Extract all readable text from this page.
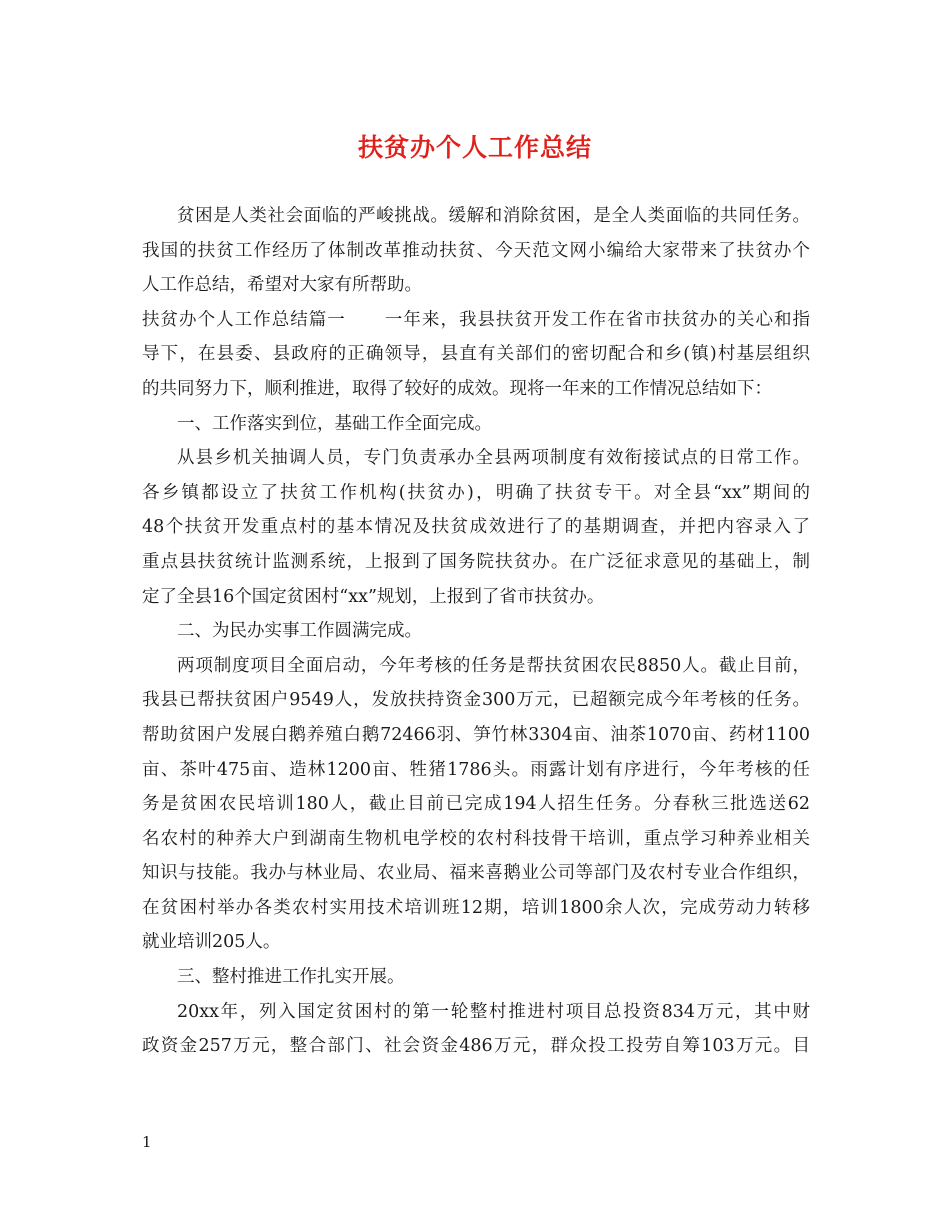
扶贫办个人工作总结
贫困是人类社会面临的严峻挑战。缓解和消除贫困，是全人类面临的共同任务。
我国的扶贫工作经历了体制改革推动扶贫、今天范文网小编给大家带来了扶贫办个
人工作总结，希望对大家有所帮助。
扶贫办个人工作总结篇一 一年来，我县扶贫开发工作在省市扶贫办的关心和指
导下，在县委、县政府的正确领导，县直有关部们的密切配合和乡(镇)村基层组织
的共同努力下，顺利推进，取得了较好的成效。现将一年来的工作情况总结如下：
一、工作落实到位，基础工作全面完成。
从县乡机关抽调人员，专门负责承办全县两项制度有效衔接试点的日常工作。
各乡镇都设立了扶贫工作机构(扶贫办)，明确了扶贫专干。对全县“xx”期间的
48个扶贫开发重点村的基本情况及扶贫成效进行了的基期调查，并把内容录入了
重点县扶贫统计监测系统，上报到了国务院扶贫办。在广泛征求意见的基础上，制
定了全县16个国定贫困村“xx”规划，上报到了省市扶贫办。
二、为民办实事工作圆满完成。
两项制度项目全面启动，今年考核的任务是帮扶贫困农民8850人。截止目前，
我县已帮扶贫困户9549人，发放扶持资金300万元，已超额完成今年考核的任务。
帮助贫困户发展白鹅养殖白鹅72466羽、笋竹林3304亩、油茶1070亩、药材1100
亩、茶叶475亩、造林1200亩、牲猪1786头。雨露计划有序进行，今年考核的任
务是贫困农民培训180人，截止目前已完成194人招生任务。分春秋三批选送62
名农村的种养大户到湖南生物机电学校的农村科技骨干培训，重点学习种养业相关
知识与技能。我办与林业局、农业局、福来喜鹅业公司等部门及农村专业合作组织，
在贫困村举办各类农村实用技术培训班12期，培训1800余人次，完成劳动力转移
就业培训205人。
三、整村推进工作扎实开展。
20xx年，列入国定贫困村的第一轮整村推进村项目总投资834万元，其中财
政资金257万元，整合部门、社会资金486万元，群众投工投劳自筹103万元。目
1
